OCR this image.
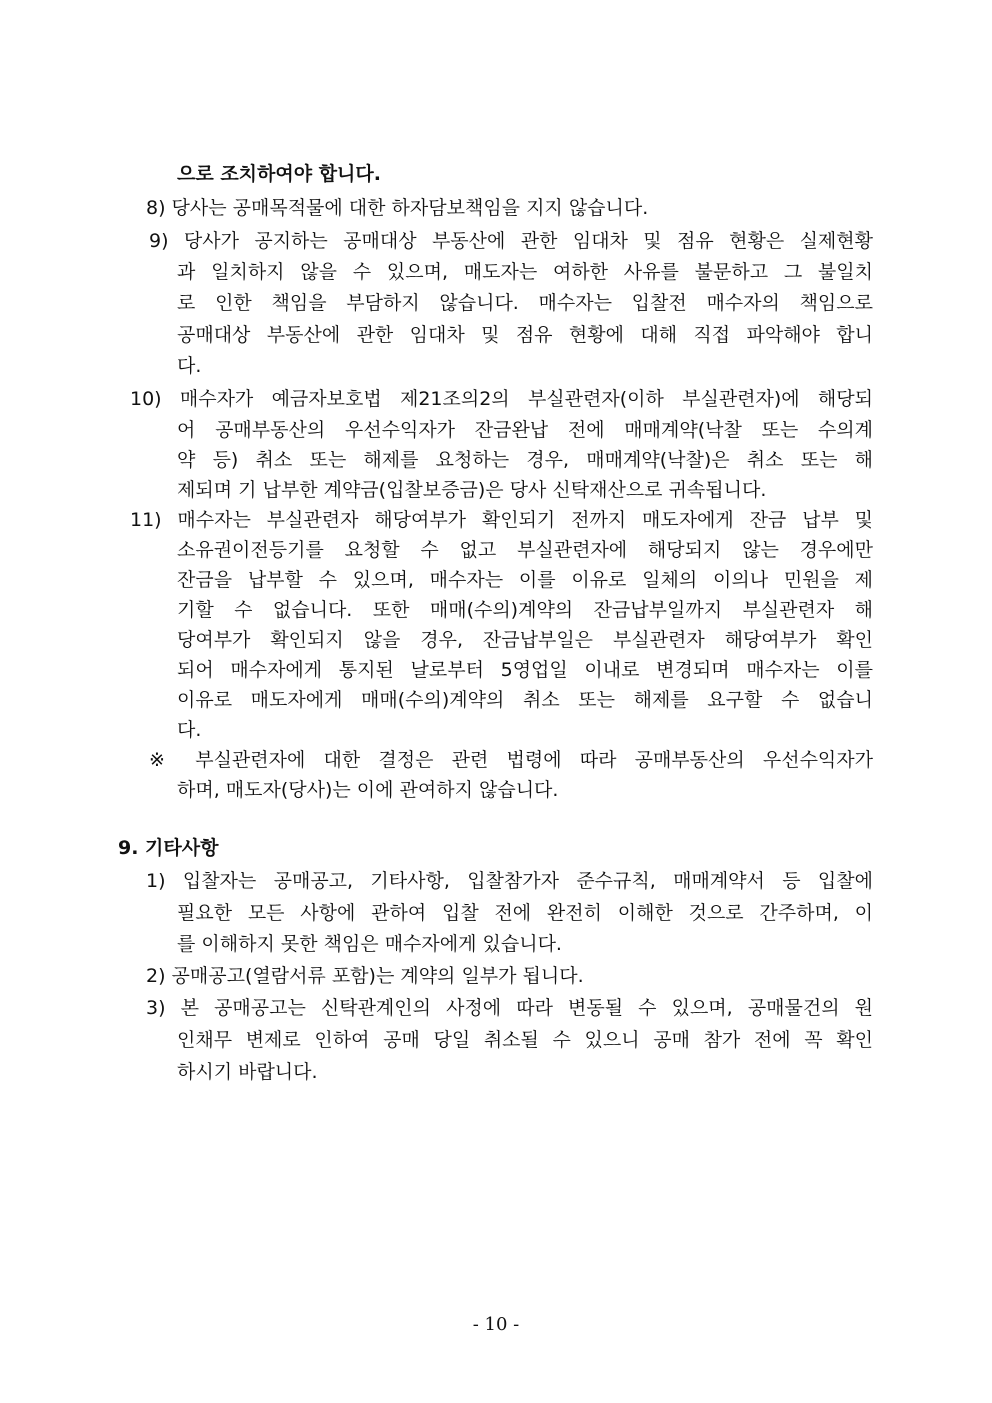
으로 조치하여야 합니다.
8) 당사는 공매목적물에 대한 하자담보책임을 지지 않습니다.
9) 당사가 공지하는 공매대상 부동산에 관한 임대차 및 점유 현황은 실제현황
과 일치하지 않을 수 있으며, 매도자는 여하한 사유를 불문하고 그 불일치
로 인한 책임을 부담하지 않습니다. 매수자는 입찰전 매수자의 책임으로
공매대상 부동산에 관한 임대차 및 점유 현황에 대해 직접 파악해야 합니
다.
10) 매수자가 예금자보호법 제21조의2의 부실관련자(이하 부실관련자)에 해당되
어 공매부동산의 우선수익자가 잔금완납 전에 매매계약(낙찰 또는 수의계
약 등) 취소 또는 해제를 요청하는 경우, 매매계약(낙찰)은 취소 또는 해
제되며 기 납부한 계약금(입찰보증금)은 당사 신탁재산으로 귀속됩니다.
11) 매수자는 부실관련자 해당여부가 확인되기 전까지 매도자에게 잔금 납부 및
소유권이전등기를 요청할 수 없고 부실관련자에 해당되지 않는 경우에만
잔금을 납부할 수 있으며, 매수자는 이를 이유로 일체의 이의나 민원을 제
기할 수 없습니다. 또한 매매(수의)계약의 잔금납부일까지 부실관련자 해
당여부가 확인되지 않을 경우, 잔금납부일은 부실관련자 해당여부가 확인
되어 매수자에게 통지된 날로부터 5영업일 이내로 변경되며 매수자는 이를
이유로 매도자에게 매매(수의)계약의 취소 또는 해제를 요구할 수 없습니
다.
※ 부실관련자에 대한 결정은 관련 법령에 따라 공매부동산의 우선수익자가
하며, 매도자(당사)는 이에 관여하지 않습니다.
9. 기타사항
1) 입찰자는 공매공고, 기타사항, 입찰참가자 준수규칙, 매매계약서 등 입찰에
필요한 모든 사항에 관하여 입찰 전에 완전히 이해한 것으로 간주하며, 이
를 이해하지 못한 책임은 매수자에게 있습니다.
2) 공매공고(열람서류 포함)는 계약의 일부가 됩니다.
3) 본 공매공고는 신탁관계인의 사정에 따라 변동될 수 있으며, 공매물건의 원
인채무 변제로 인하여 공매 당일 취소될 수 있으니 공매 참가 전에 꼭 확인
하시기 바랍니다.
- 10 -
